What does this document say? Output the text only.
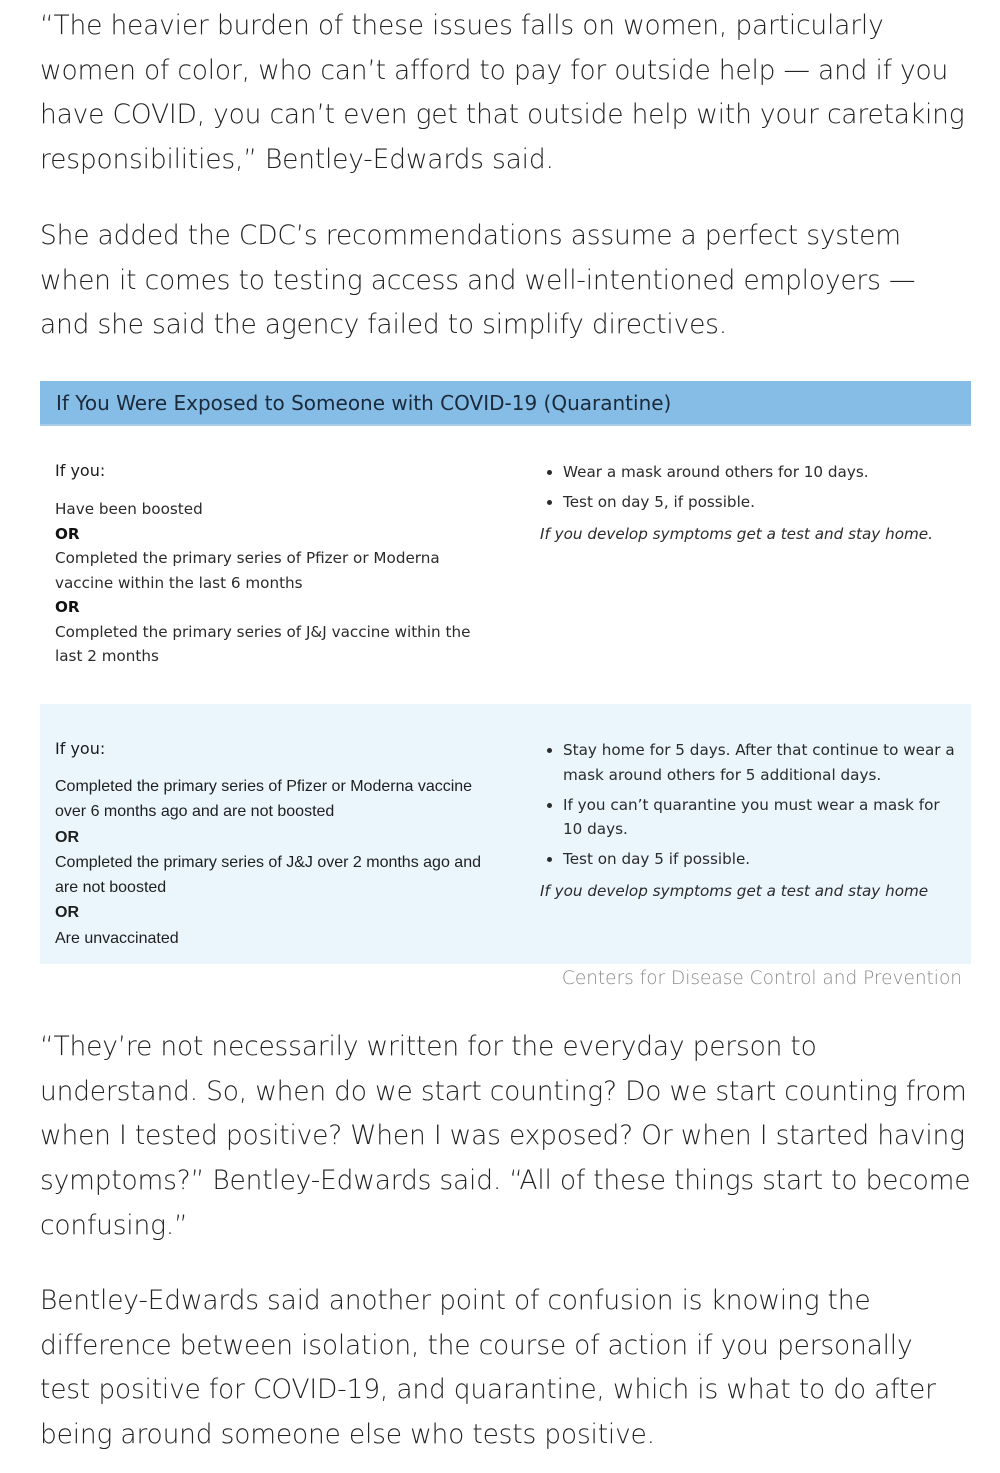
“The heavier burden of these issues falls on women, particularly women of color, who can’t afford to pay for outside help — and if you have COVID, you can’t even get that outside help with your caretaking responsibilities,” Bentley-Edwards said.

She added the CDC’s recommendations assume a perfect system when it comes to testing access and well-intentioned employers — and she said the agency failed to simplify directives.

“They’re not necessarily written for the everyday person to understand. So, when do we start counting? Do we start counting from when I tested positive? When I was exposed? Or when I started having symptoms?” Bentley-Edwards said. “All of these things start to become confusing.”

Bentley-Edwards said another point of confusion is knowing the difference between isolation, the course of action if you personally test positive for COVID-19, and quarantine, which is what to do after being around someone else who tests positive.

If You Were Exposed to Someone with COVID-19 (Quarantine)
If you:
Have been boosted
OR
Completed the primary series of Pfizer or Moderna vaccine within the last 6 months
OR
Completed the primary series of J&J vaccine within the last 2 months
Wear a mask around others for 10 days.
Test on day 5, if possible.
If you develop symptoms get a test and stay home.
If you:
Completed the primary series of Pfizer or Moderna vaccine over 6 months ago and are not boosted
OR
Completed the primary series of J&J over 2 months ago and are not boosted
OR
Are unvaccinated
Stay home for 5 days. After that continue to wear a mask around others for 5 additional days.
If you can’t quarantine you must wear a mask for 10 days.
Test on day 5 if possible.
If you develop symptoms get a test and stay home
Centers for Disease Control and Prevention
